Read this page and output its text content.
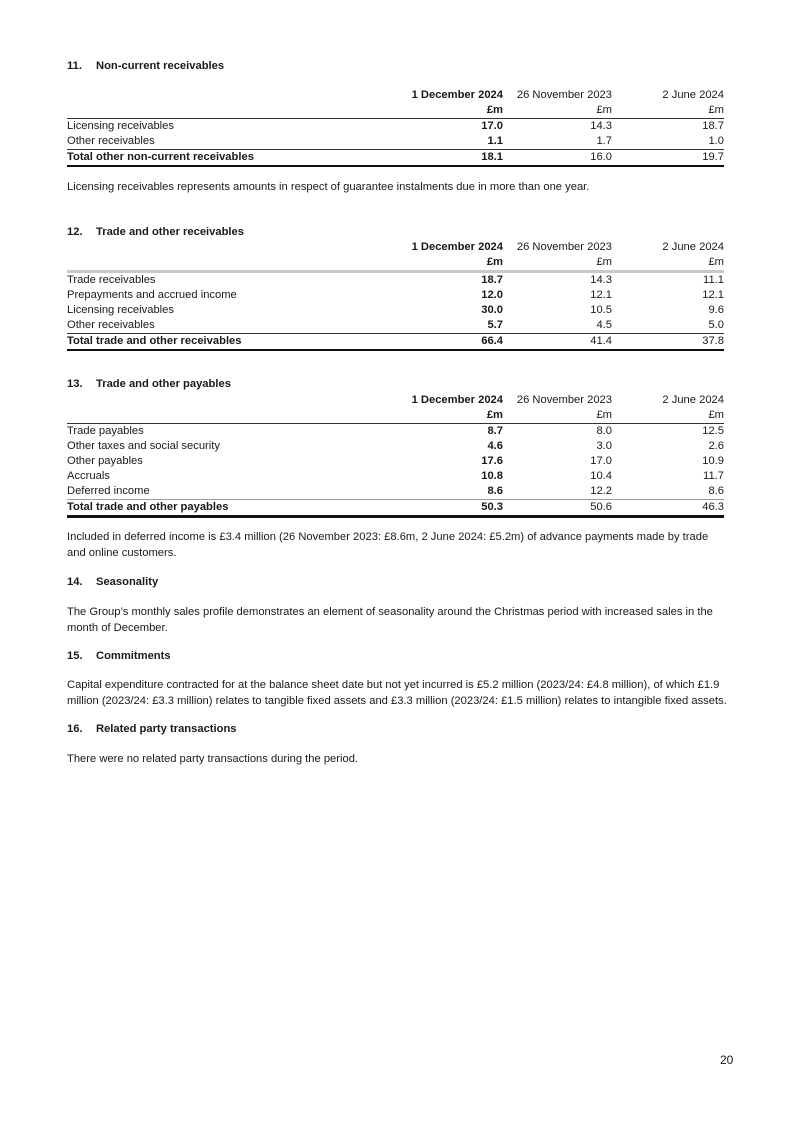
11. Non-current receivables
	1 December 2024	26 November 2023	2 June 2024
	£m	£m	£m
Licensing receivables	17.0	14.3	18.7
Other receivables	1.1	1.7	1.0
Total other non-current receivables	18.1	16.0	19.7
Licensing receivables represents amounts in respect of guarantee instalments due in more than one year.
12. Trade and other receivables
	1 December 2024	26 November 2023	2 June 2024
	£m	£m	£m
Trade receivables	18.7	14.3	11.1
Prepayments and accrued income	12.0	12.1	12.1
Licensing receivables	30.0	10.5	9.6
Other receivables	5.7	4.5	5.0
Total trade and other receivables	66.4	41.4	37.8
13. Trade and other payables
	1 December 2024	26 November 2023	2 June 2024
	£m	£m	£m
Trade payables	8.7	8.0	12.5
Other taxes and social security	4.6	3.0	2.6
Other payables	17.6	17.0	10.9
Accruals	10.8	10.4	11.7
Deferred income	8.6	12.2	8.6
Total trade and other payables	50.3	50.6	46.3
Included in deferred income is £3.4 million (26 November 2023: £8.6m, 2 June 2024: £5.2m) of advance payments made by trade and online customers.
14. Seasonality
The Group’s monthly sales profile demonstrates an element of seasonality around the Christmas period with increased sales in the month of December.
15. Commitments
Capital expenditure contracted for at the balance sheet date but not yet incurred is £5.2 million (2023/24: £4.8 million), of which £1.9 million (2023/24: £3.3 million) relates to tangible fixed assets and £3.3 million (2023/24: £1.5 million) relates to intangible fixed assets.
16. Related party transactions
There were no related party transactions during the period.
20
